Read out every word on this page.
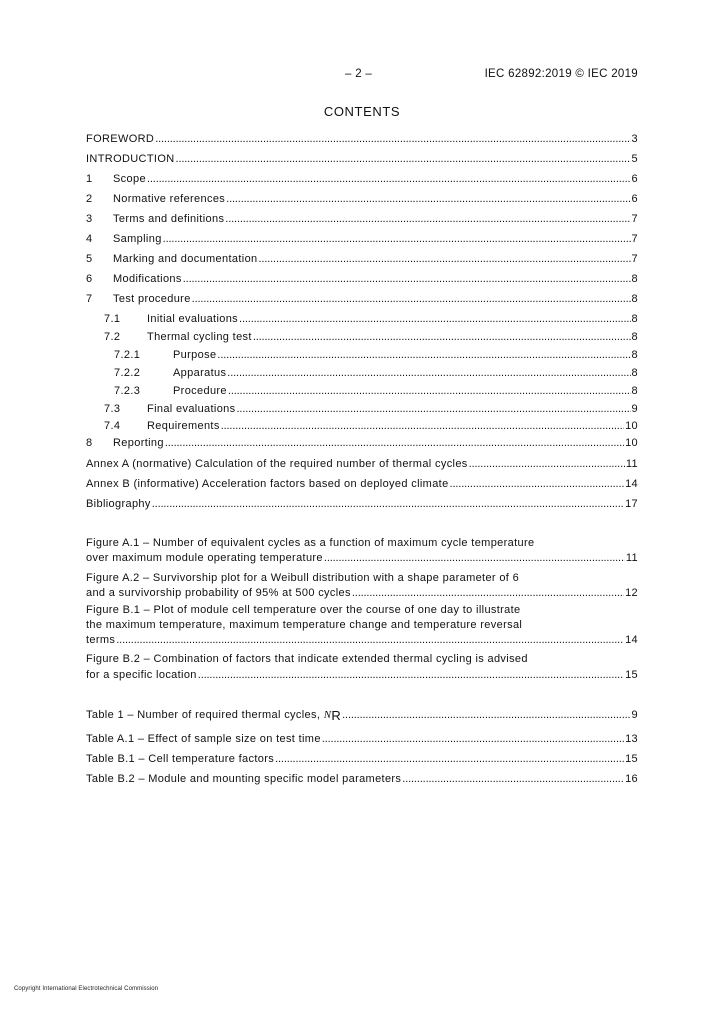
– 2 –	IEC 62892:2019 © IEC 2019
CONTENTS
FOREWORD . . .	3
INTRODUCTION . . .	5
1	Scope . . .	6
2	Normative references . . .	6
3	Terms and definitions . . .	7
4	Sampling . . .	7
5	Marking and documentation . . .	7
6	Modifications . . .	8
7	Test procedure . . .	8
7.1	Initial evaluations . . .	8
7.2	Thermal cycling test . . .	8
7.2.1	Purpose . . .	8
7.2.2	Apparatus . . .	8
7.2.3	Procedure . . .	8
7.3	Final evaluations . . .	9
7.4	Requirements . . .	10
8	Reporting . . .	10
Annex A (normative) Calculation of the required number of thermal cycles . . .	11
Annex B (informative) Acceleration factors based on deployed climate . . .	14
Bibliography . . .	17
Figure A.1 – Number of equivalent cycles as a function of maximum cycle temperature
over maximum module operating temperature . . .	11
Figure A.2 – Survivorship plot for a Weibull distribution with a shape parameter of 6
and a survivorship probability of 95% at 500 cycles . . .	12
Figure B.1 – Plot of module cell temperature over the course of one day to illustrate
the maximum temperature, maximum temperature change and temperature reversal
terms . . .	14
Figure B.2 – Combination of factors that indicate extended thermal cycling is advised
for a specific location . . .	15
Table 1 – Number of required thermal cycles, NR . . .	9
Table A.1 – Effect of sample size on test time . . .	13
Table B.1 – Cell temperature factors . . .	15
Table B.2 – Module and mounting specific model parameters . . .	16
Copyright International Electrotechnical Commission
